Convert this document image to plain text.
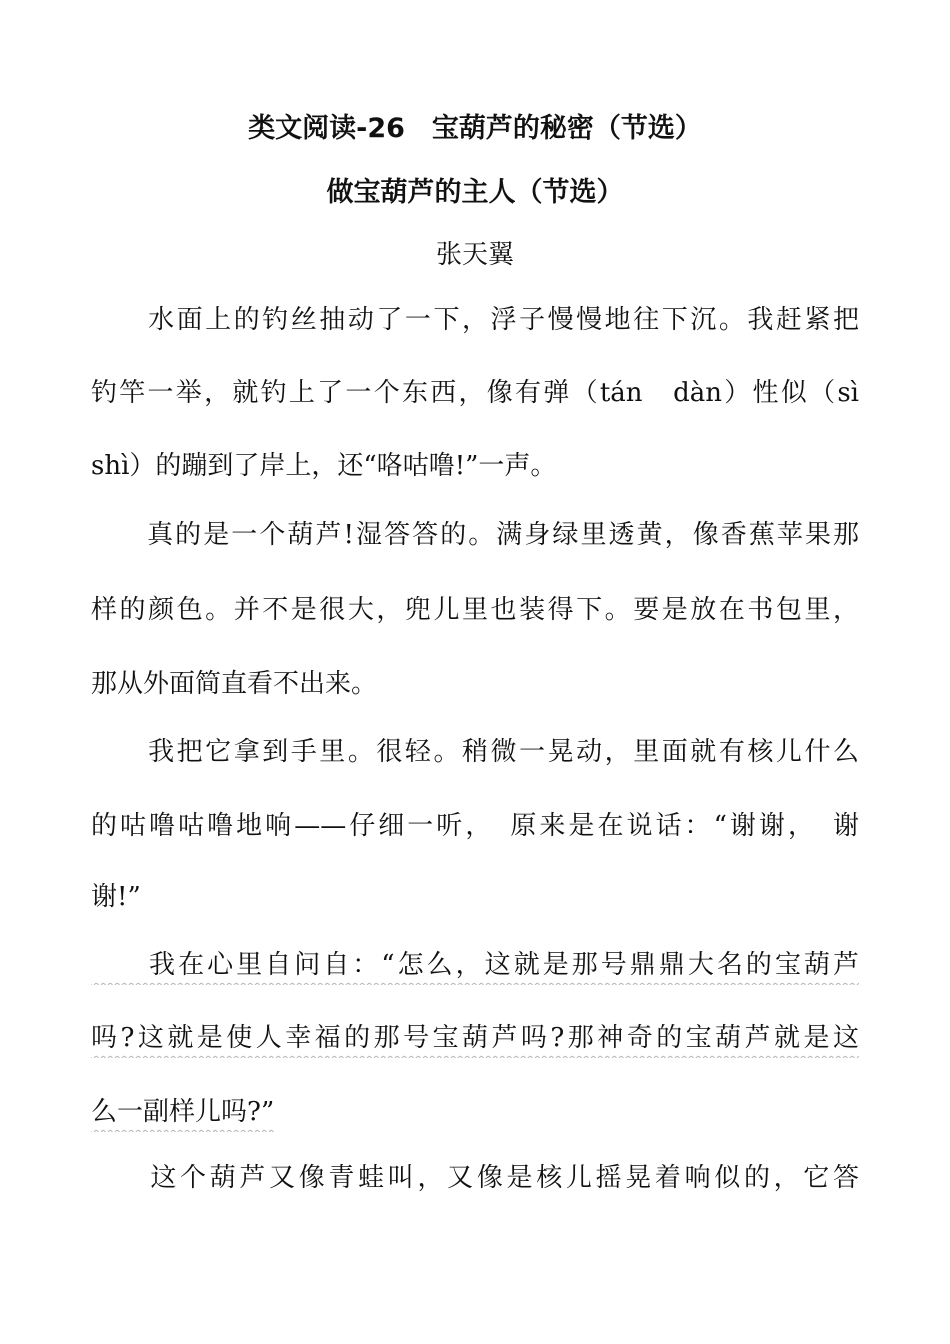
类文阅读-26　宝葫芦的秘密（节选）
做宝葫芦的主人（节选）
张天翼
　　水面上的钓丝抽动了一下，浮子慢慢地往下沉。我赶紧把
钓竿一举，就钓上了一个东西，像有弹（tán　dàn）性似（sì
shì）的蹦到了岸上，还“咯咕噜!”一声。
　　真的是一个葫芦!湿答答的。满身绿里透黄，像香蕉苹果那
样的颜色。并不是很大，兜儿里也装得下。要是放在书包里，
那从外面简直看不出来。
　　我把它拿到手里。很轻。稍微一晃动，里面就有核儿什么
的咕噜咕噜地响——仔细一听，　原来是在说话：“谢谢，　谢
谢!”
　　我在心里自问自：“怎么，这就是那号鼎鼎大名的宝葫芦
吗?这就是使人幸福的那号宝葫芦吗?那神奇的宝葫芦就是这
么一副样儿吗?”
　　这个葫芦又像青蛙叫，又像是核儿摇晃着响似的，它答
